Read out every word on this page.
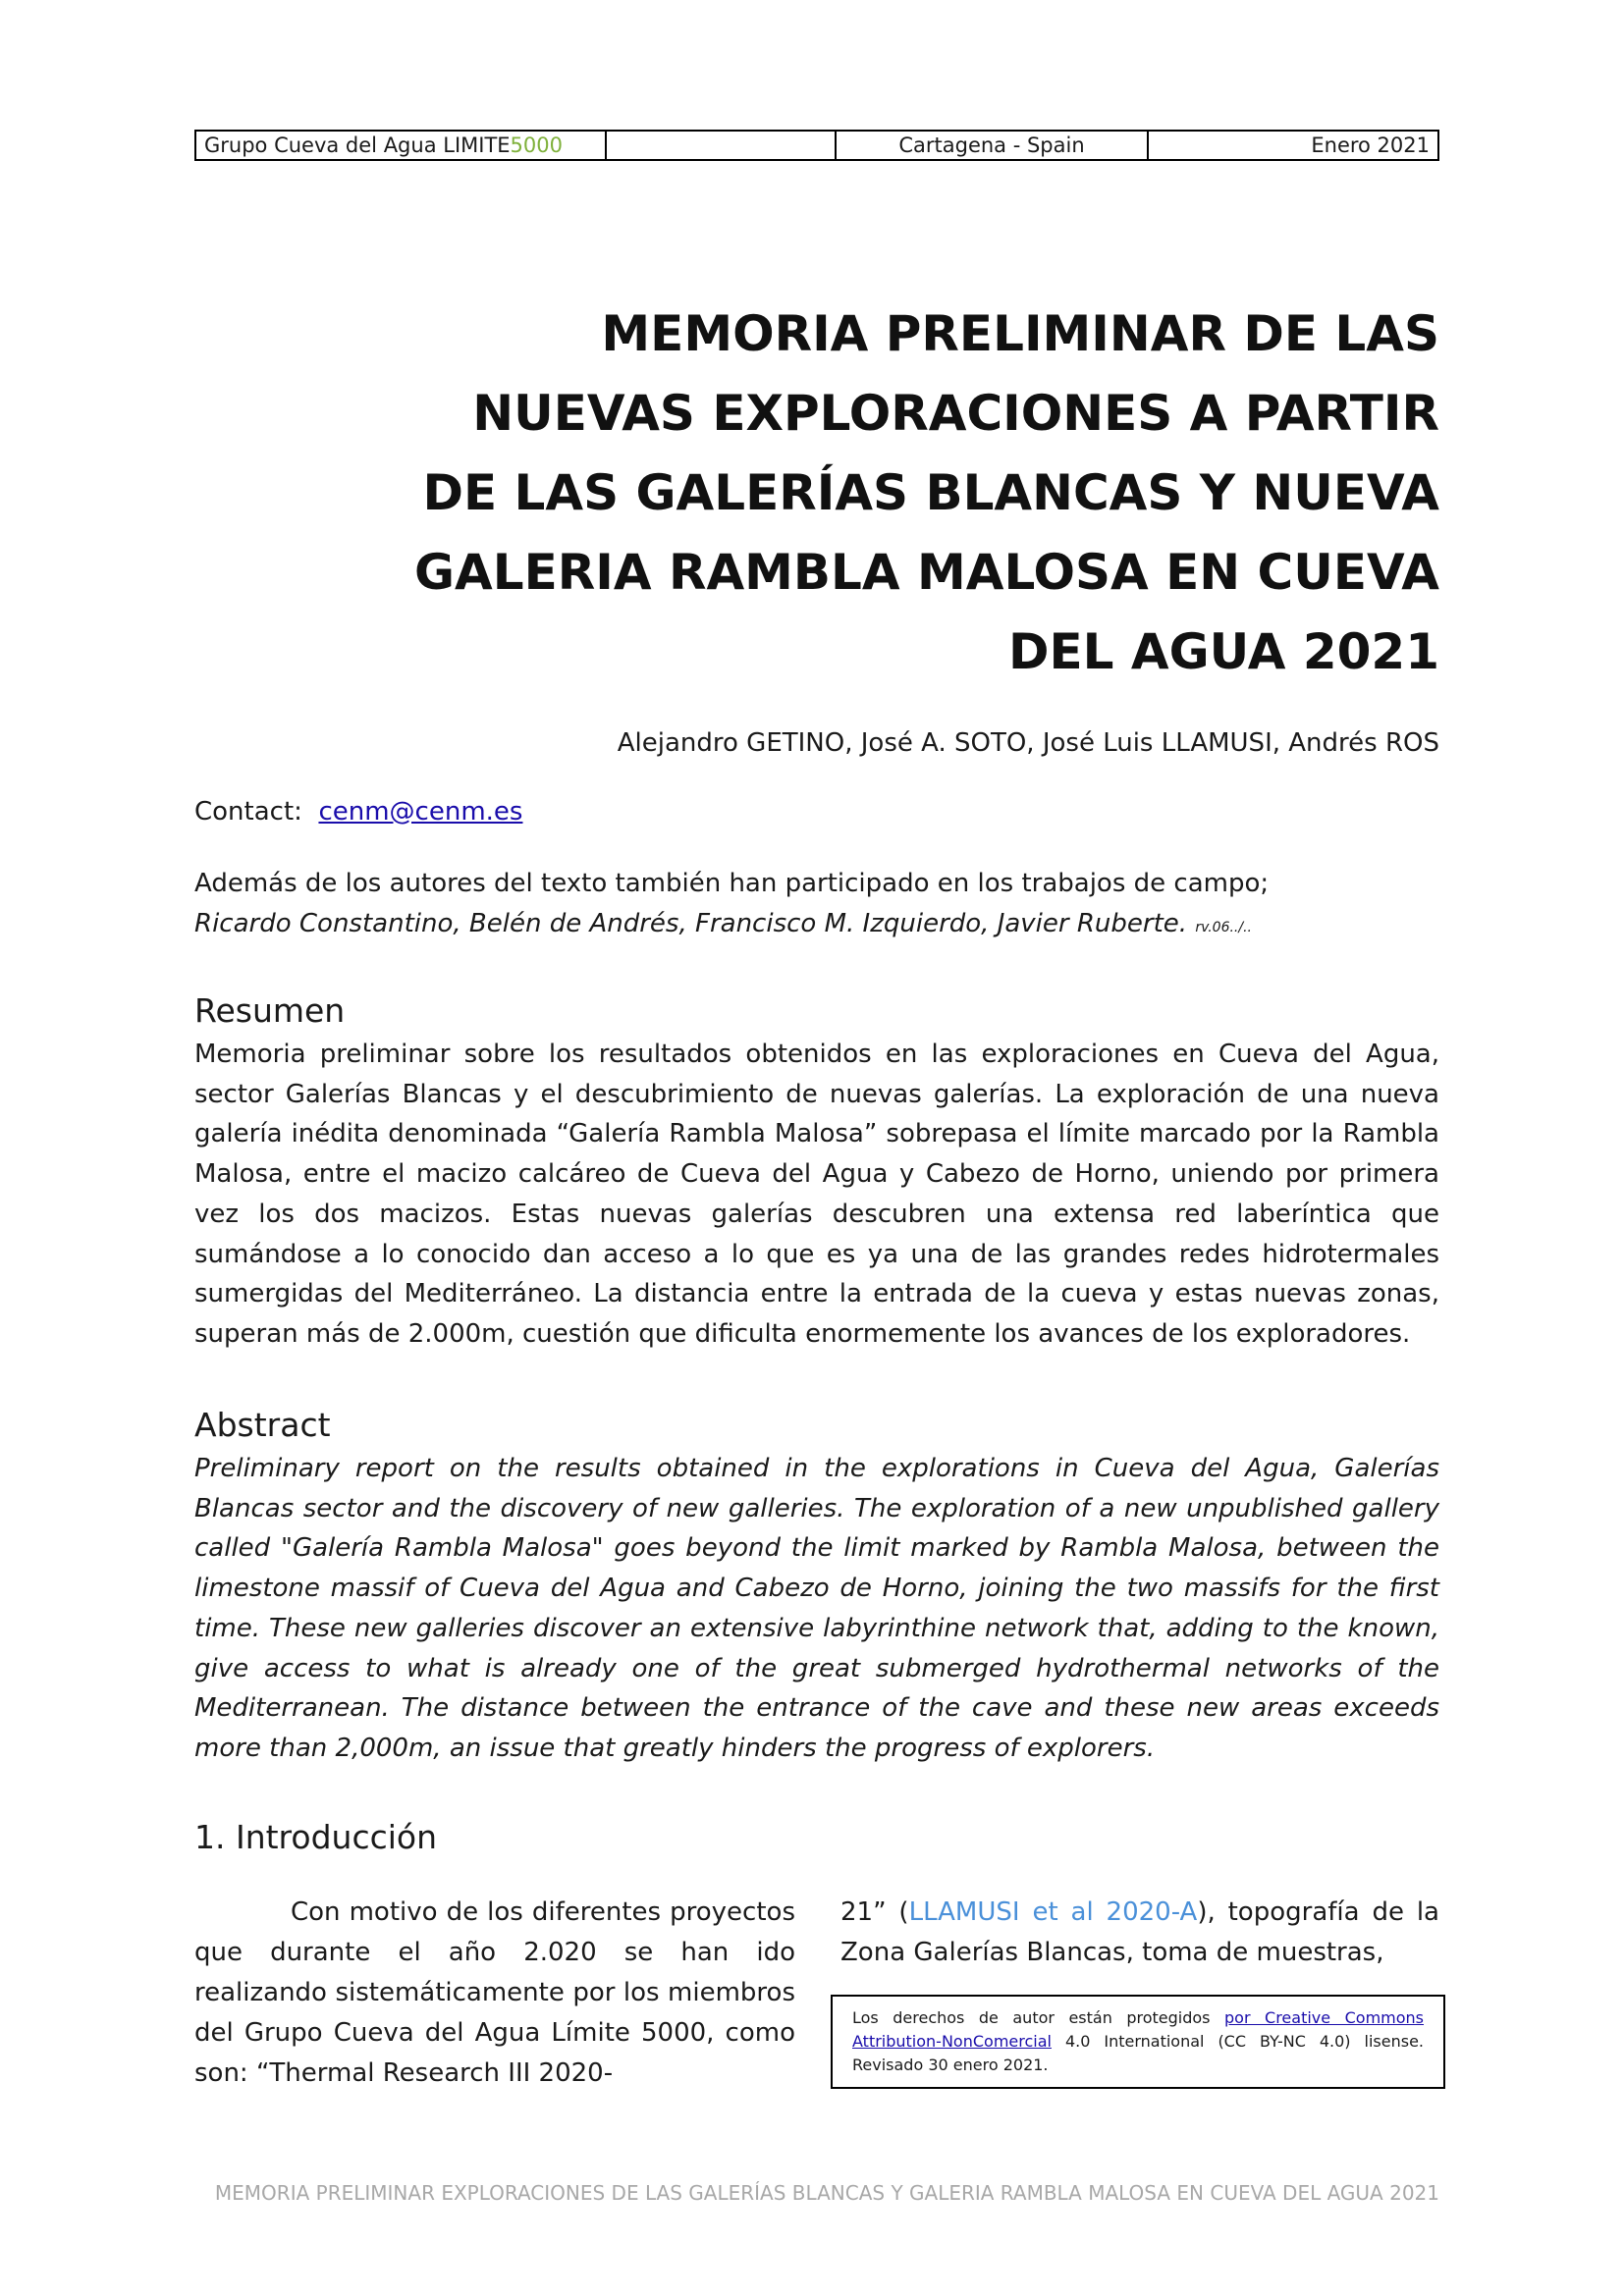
Grupo Cueva del Agua LIMITE5000		Cartagena - Spain	Enero 2021
MEMORIA PRELIMINAR DE LAS
NUEVAS EXPLORACIONES A PARTIR
DE LAS GALERÍAS BLANCAS Y NUEVA
GALERIA RAMBLA MALOSA EN CUEVA
DEL AGUA 2021

Alejandro GETINO, José A. SOTO, José Luis LLAMUSI, Andrés ROS

Contact: cenm@cenm.es

Además de los autores del texto también han participado en los trabajos de campo;
Ricardo Constantino, Belén de Andrés, Francisco M. Izquierdo, Javier Ruberte. rv.06../..

Resumen

Memoria preliminar sobre los resultados obtenidos en las exploraciones en Cueva del Agua, sector Galerías Blancas y el descubrimiento de nuevas galerías. La exploración de una nueva galería inédita denominada “Galería Rambla Malosa” sobrepasa el límite marcado por la Rambla Malosa, entre el macizo calcáreo de Cueva del Agua y Cabezo de Horno, uniendo por primera vez los dos macizos. Estas nuevas galerías descubren una extensa red laberíntica que sumándose a lo conocido dan acceso a lo que es ya una de las grandes redes hidrotermales sumergidas del Mediterráneo. La distancia entre la entrada de la cueva y estas nuevas zonas, superan más de 2.000m, cuestión que dificulta enormemente los avances de los exploradores.

Abstract

Preliminary report on the results obtained in the explorations in Cueva del Agua, Galerías Blancas sector and the discovery of new galleries. The exploration of a new unpublished gallery called "Galería Rambla Malosa" goes beyond the limit marked by Rambla Malosa, between the limestone massif of Cueva del Agua and Cabezo de Horno, joining the two massifs for the first time. These new galleries discover an extensive labyrinthine network that, adding to the known, give access to what is already one of the great submerged hydrothermal networks of the Mediterranean. The distance between the entrance of the cave and these new areas exceeds more than 2,000m, an issue that greatly hinders the progress of explorers.

1. Introducción

Con motivo de los diferentes proyectos que durante el año 2.020 se han ido realizando sistemáticamente por los miembros del Grupo Cueva del Agua Límite 5000, como son: “Thermal Research III 2020-

21” (LLAMUSI et al 2020-A), topografía de la Zona Galerías Blancas, toma de muestras,

Los derechos de autor están protegidos por Creative Commons Attribution-NonComercial 4.0 International (CC BY-NC 4.0) lisense. Revisado 30 enero 2021.

MEMORIA PRELIMINAR EXPLORACIONES DE LAS GALERÍAS BLANCAS Y GALERIA RAMBLA MALOSA EN CUEVA DEL AGUA 2021
